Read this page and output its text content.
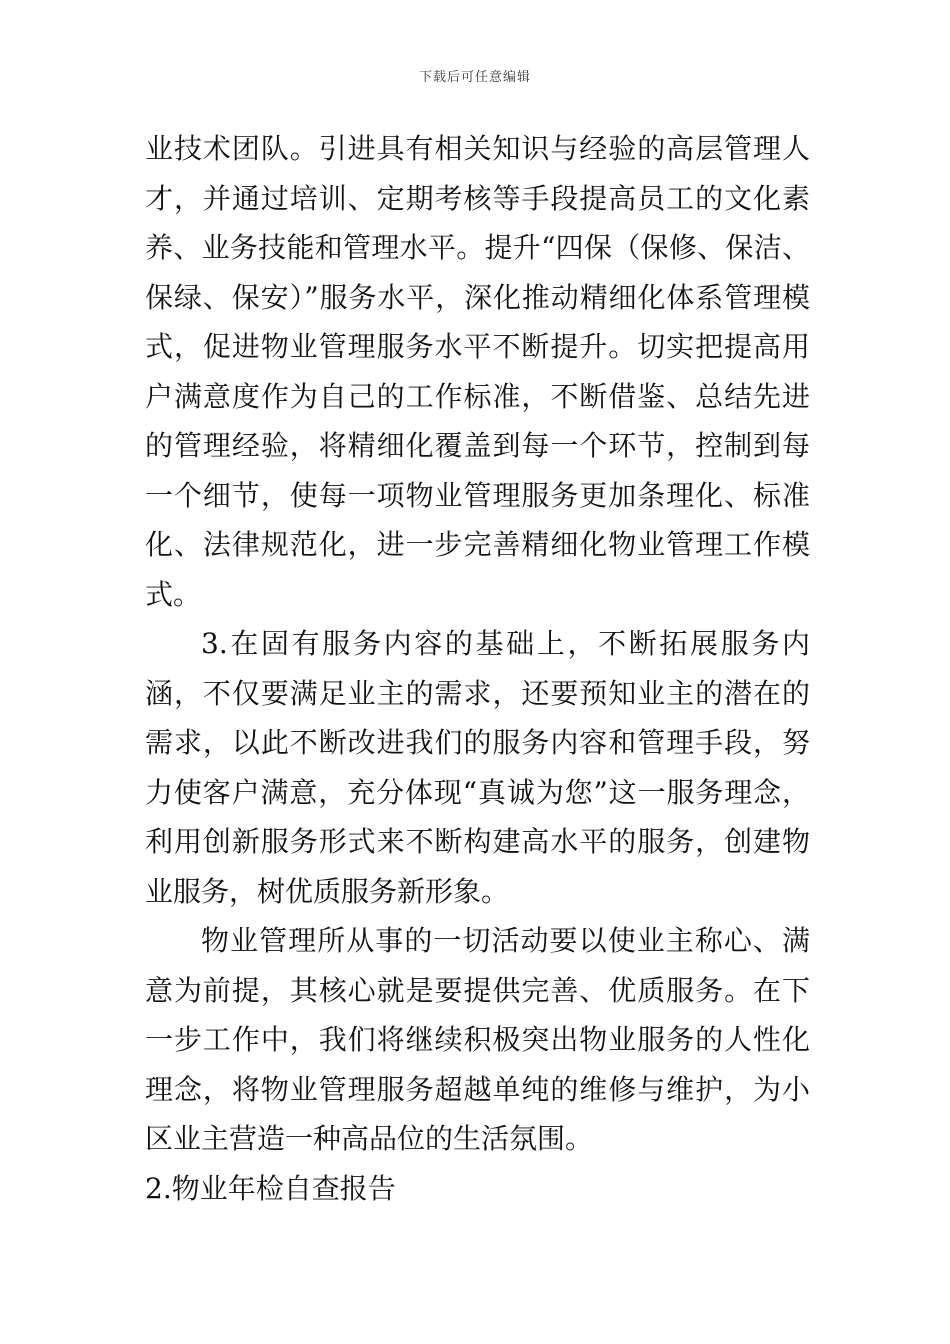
下载后可任意编辑

业技术团队。引进具有相关知识与经验的高层管理人才，并通过培训、定期考核等手段提高员工的文化素养、业务技能和管理水平。提升“四保（保修、保洁、保绿、保安）”服务水平，深化推动精细化体系管理模式，促进物业管理服务水平不断提升。切实把提高用户满意度作为自己的工作标准，不断借鉴、总结先进的管理经验，将精细化覆盖到每一个环节，控制到每一个细节，使每一项物业管理服务更加条理化、标准化、法律规范化，进一步完善精细化物业管理工作模式。

3.在固有服务内容的基础上，不断拓展服务内涵，不仅要满足业主的需求，还要预知业主的潜在的需求，以此不断改进我们的服务内容和管理手段，努力使客户满意，充分体现“真诚为您”这一服务理念，利用创新服务形式来不断构建高水平的服务，创建物业服务，树优质服务新形象。

物业管理所从事的一切活动要以使业主称心、满意为前提，其核心就是要提供完善、优质服务。在下一步工作中，我们将继续积极突出物业服务的人性化理念，将物业管理服务超越单纯的维修与维护，为小区业主营造一种高品位的生活氛围。

2.物业年检自查报告
